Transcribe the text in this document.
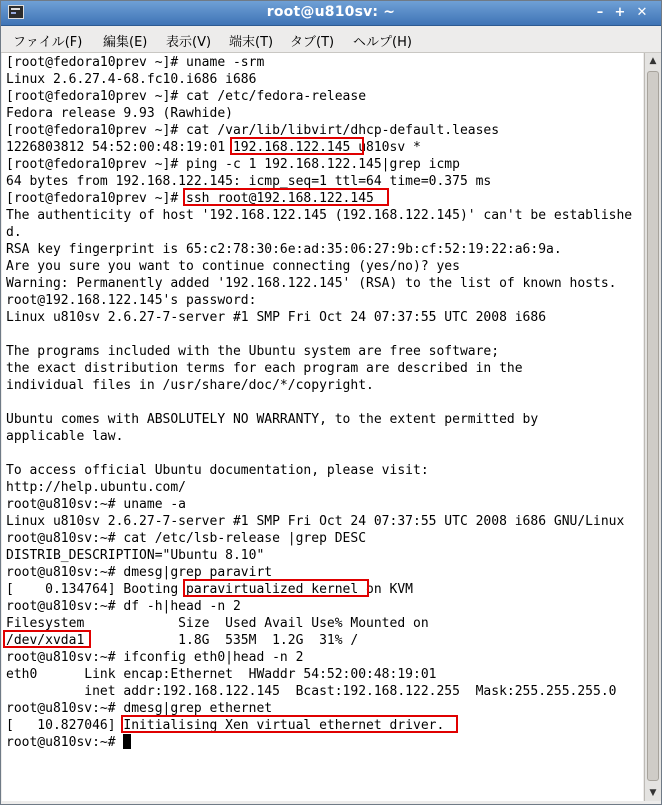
root@u810sv: ~	– + ✕
ファイル(F) 編集(E) 表示(V) 端末(T) タブ(T) ヘルプ(H)
root@u810sv:~#
[   10.827046] Initialising Xen virtual ethernet driver.
root@u810sv:~# dmesg|grep ethernet
inet addr:192.168.122.145  Bcast:192.168.122.255  Mask:255.255.255.0
eth0      Link encap:Ethernet  HWaddr 54:52:00:48:19:01
root@u810sv:~# ifconfig eth0|head -n 2
/dev/xvda1            1.8G  535M  1.2G  31% /
Filesystem            Size  Used Avail Use% Mounted on
root@u810sv:~# df -h|head -n 2
[    0.134764] Booting paravirtualized kernel on KVM
root@u810sv:~# dmesg|grep paravirt
DISTRIB_DESCRIPTION="Ubuntu 8.10"
root@u810sv:~# cat /etc/lsb-release |grep DESC
Linux u810sv 2.6.27-7-server #1 SMP Fri Oct 24 07:37:55 UTC 2008 i686 GNU/Linux
root@u810sv:~# uname -a
http://help.ubuntu.com/
To access official Ubuntu documentation, please visit:
applicable law.
Ubuntu comes with ABSOLUTELY NO WARRANTY, to the extent permitted by
individual files in /usr/share/doc/*/copyright.
the exact distribution terms for each program are described in the
The programs included with the Ubuntu system are free software;
Linux u810sv 2.6.27-7-server #1 SMP Fri Oct 24 07:37:55 UTC 2008 i686
root@192.168.122.145's password:
Warning: Permanently added '192.168.122.145' (RSA) to the list of known hosts.
Are you sure you want to continue connecting (yes/no)? yes
RSA key fingerprint is 65:c2:78:30:6e:ad:35:06:27:9b:cf:52:19:22:a6:9a.
d.
The authenticity of host '192.168.122.145 (192.168.122.145)' can't be establishe
[root@fedora10prev ~]# ssh root@192.168.122.145
64 bytes from 192.168.122.145: icmp_seq=1 ttl=64 time=0.375 ms
[root@fedora10prev ~]# ping -c 1 192.168.122.145|grep icmp
1226803812 54:52:00:48:19:01 192.168.122.145 u810sv *
[root@fedora10prev ~]# cat /var/lib/libvirt/dhcp-default.leases
Fedora release 9.93 (Rawhide)
[root@fedora10prev ~]# cat /etc/fedora-release
Linux 2.6.27.4-68.fc10.i686 i686
[root@fedora10prev ~]# uname -srm	▲
▼
